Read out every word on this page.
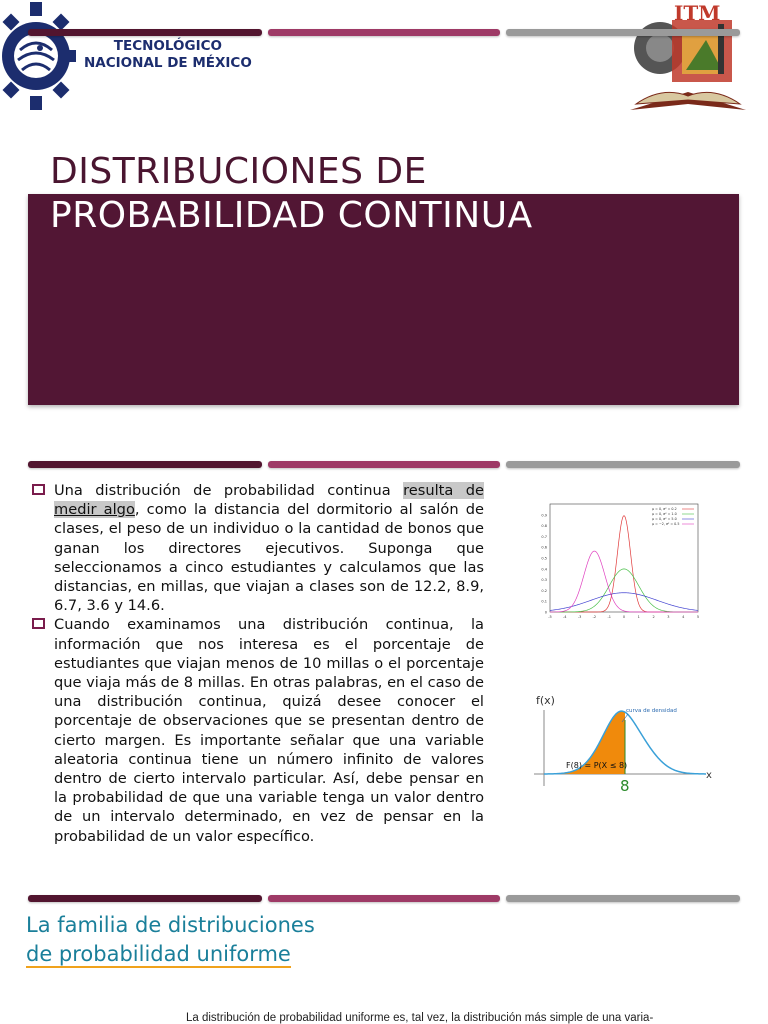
TECNOLÓGICO
NACIONAL DE MÉXICO
ITM
DISTRIBUCIONES DE
PROBABILIDAD CONTINUA
Una distribución de probabilidad continua resulta de medir algo, como la distancia del dormitorio al salón de clases, el peso de un individuo o la cantidad de bonos que ganan los directores ejecutivos. Suponga que seleccionamos a cinco estudiantes y calculamos que las distancias, en millas, que viajan a clases son de 12.2, 8.9, 6.7, 3.6 y 14.6.
Cuando examinamos una distribución continua, la información que nos interesa es el porcentaje de estudiantes que viajan menos de 10 millas o el porcentaje que viaja más de 8 millas. En otras palabras, en el caso de una distribución continua, quizá desee conocer el porcentaje de observaciones que se presentan dentro de cierto margen. Es importante señalar que una variable aleatoria continua tiene un número infinito de valores dentro de cierto intervalo particular. Así, debe pensar en la probabilidad de que una variable tenga un valor dentro de un intervalo determinado, en vez de pensar en la probabilidad de un valor específico.
0.9
0.8
0.7
0.6
0.5
0.4
0.3
0.2
0.1
0
-5	-4	-3	-2	-1	0	1	2	3	4	5
μ = 0, σ² = 0.2
μ = 0, σ² = 1.0
μ = 0, σ² = 5.0
μ = −2, σ² = 0.5
f(x)
x
F(8) = P(X ≤ 8)
curva de densidad
8
La familia de distribuciones
de probabilidad uniforme
La distribución de probabilidad uniforme es, tal vez, la distribución más simple de una varia-
